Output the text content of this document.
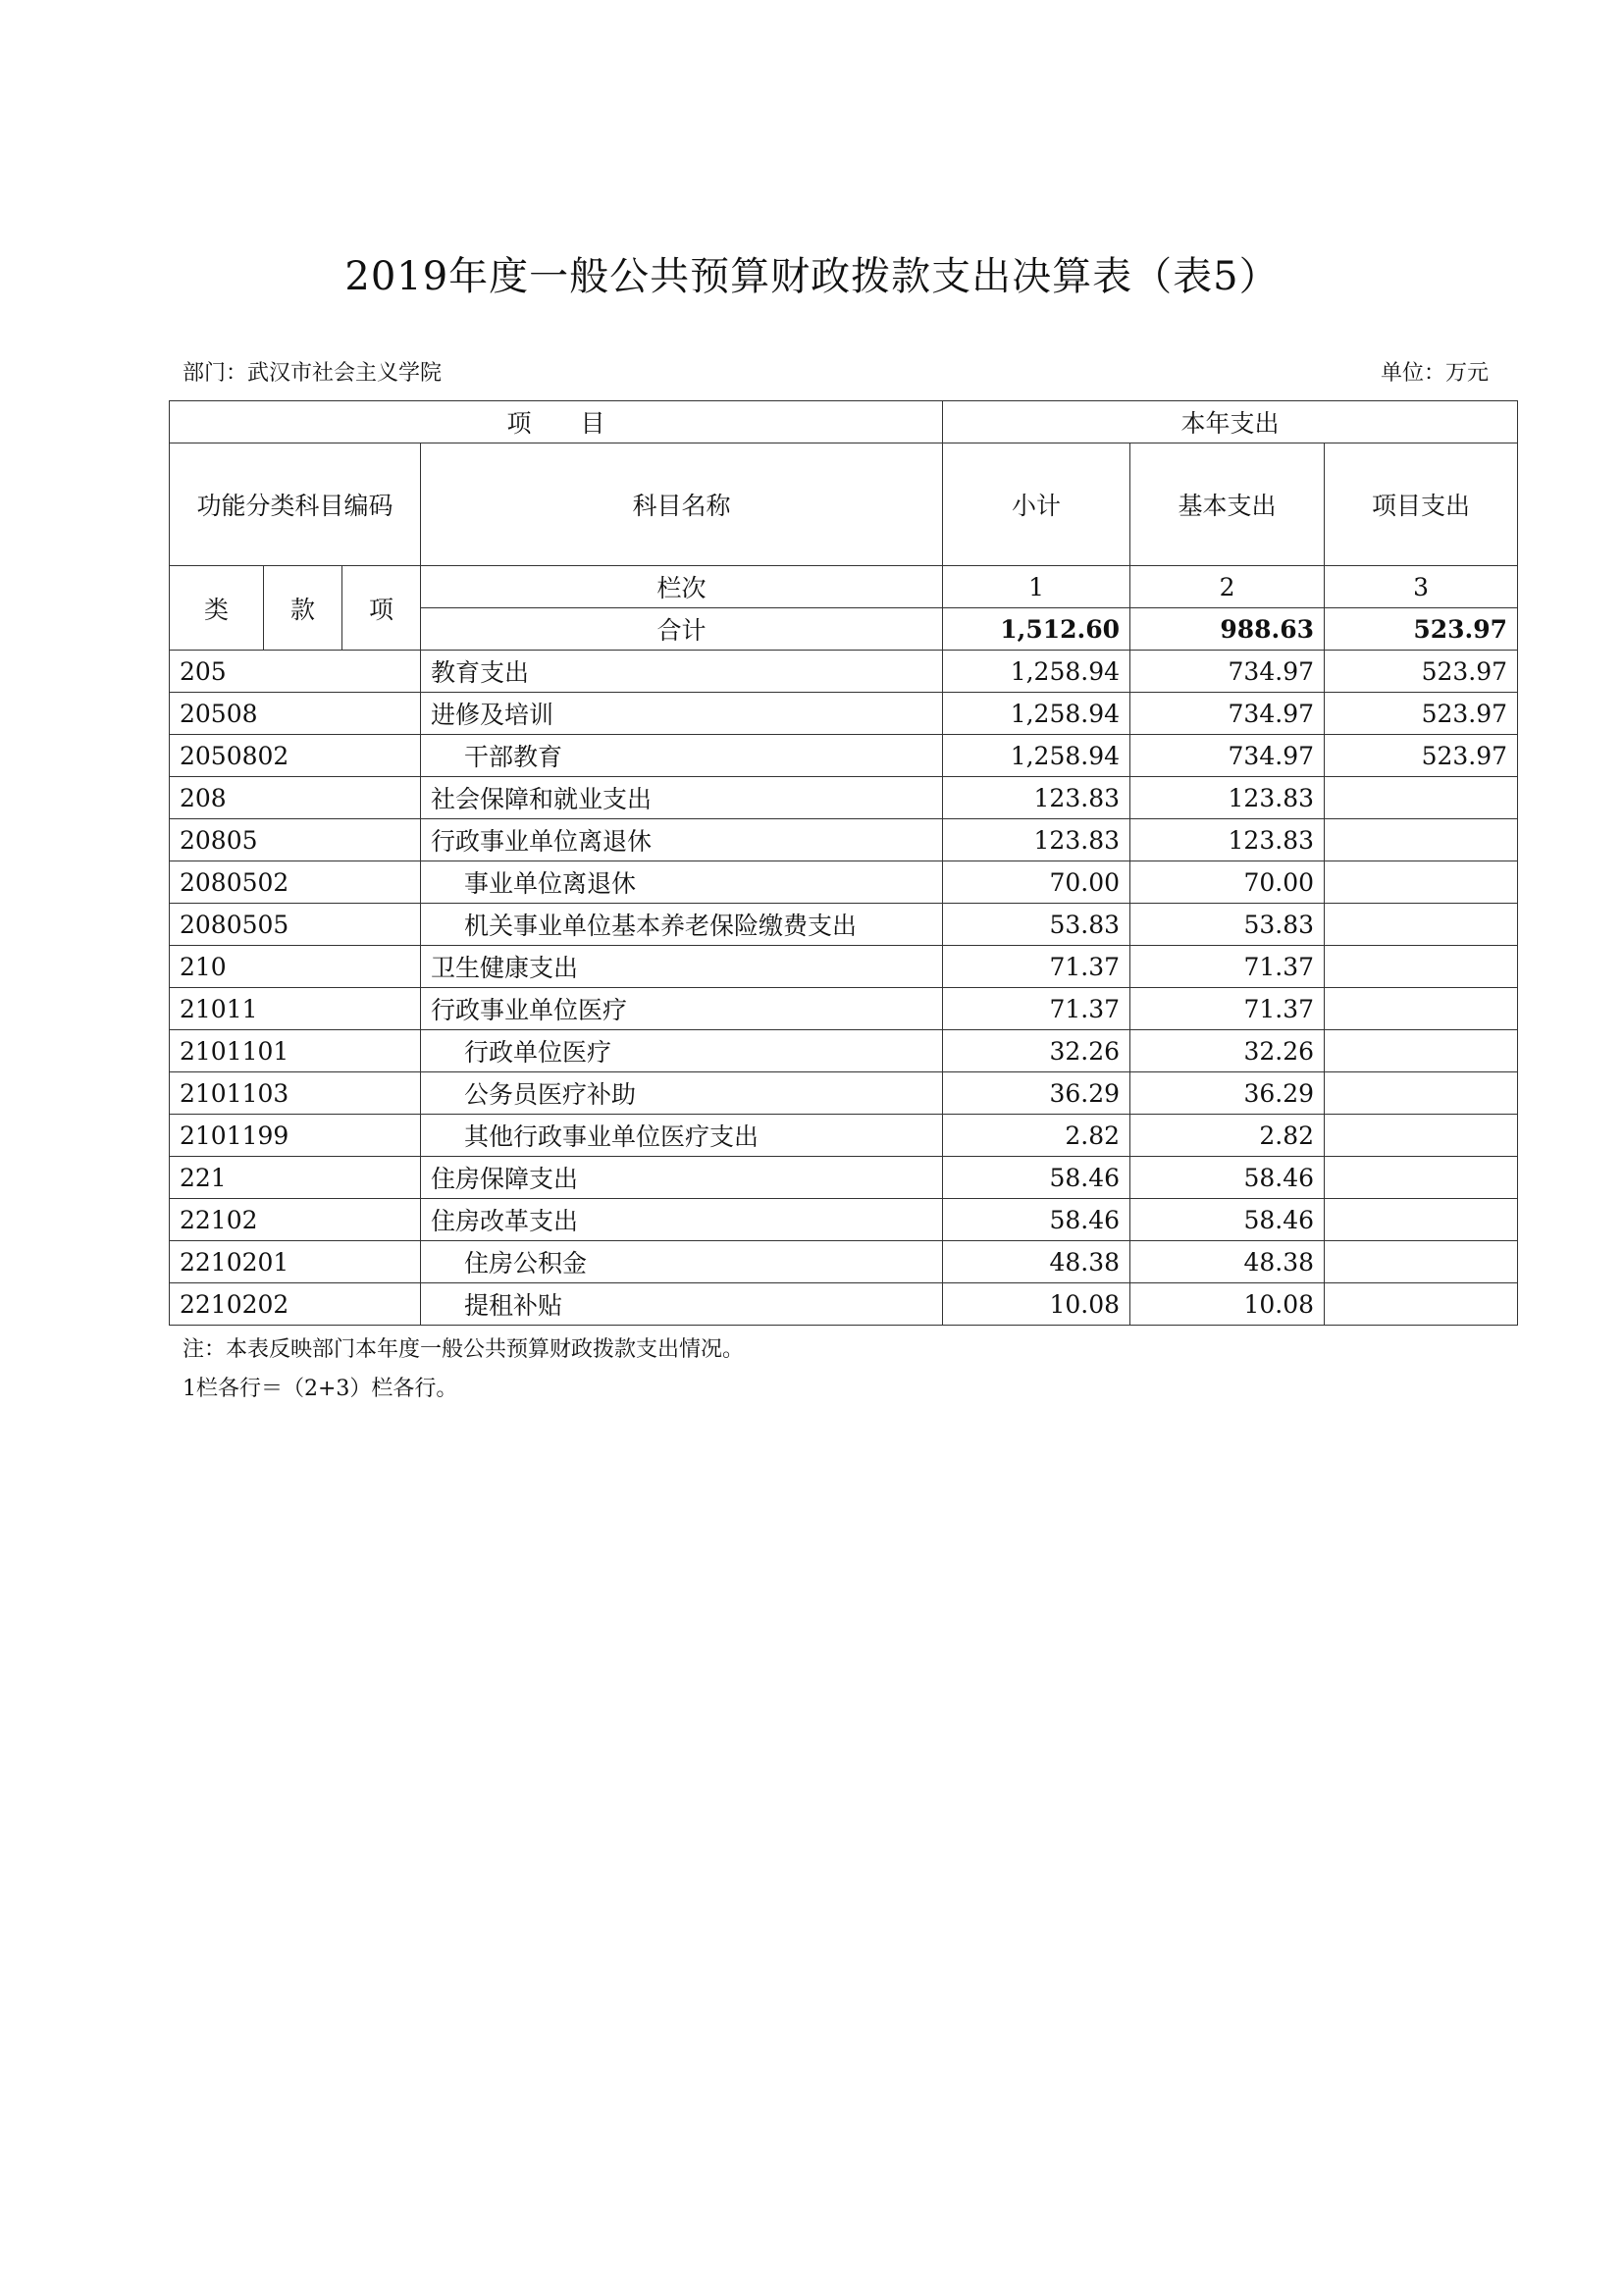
2019年度一般公共预算财政拨款支出决算表（表5）
部门：武汉市社会主义学院	单位：万元
项　　目				本年支出		
功能分类科目编码			科目名称	小计	基本支出	项目支出
类	款	项	栏次	1	2	3
			合计	1,512.60	988.63	523.97
205			教育支出	1,258.94	734.97	523.97
20508			进修及培训	1,258.94	734.97	523.97
2050802			干部教育	1,258.94	734.97	523.97
208			社会保障和就业支出	123.83	123.83	
20805			行政事业单位离退休	123.83	123.83	
2080502			事业单位离退休	70.00	70.00	
2080505			机关事业单位基本养老保险缴费支出	53.83	53.83	
210			卫生健康支出	71.37	71.37	
21011			行政事业单位医疗	71.37	71.37	
2101101			行政单位医疗	32.26	32.26	
2101103			公务员医疗补助	36.29	36.29	
2101199			其他行政事业单位医疗支出	2.82	2.82	
221			住房保障支出	58.46	58.46	
22102			住房改革支出	58.46	58.46	
2210201			住房公积金	48.38	48.38	
2210202			提租补贴	10.08	10.08	
注：本表反映部门本年度一般公共预算财政拨款支出情况。
1栏各行＝（2+3）栏各行。
